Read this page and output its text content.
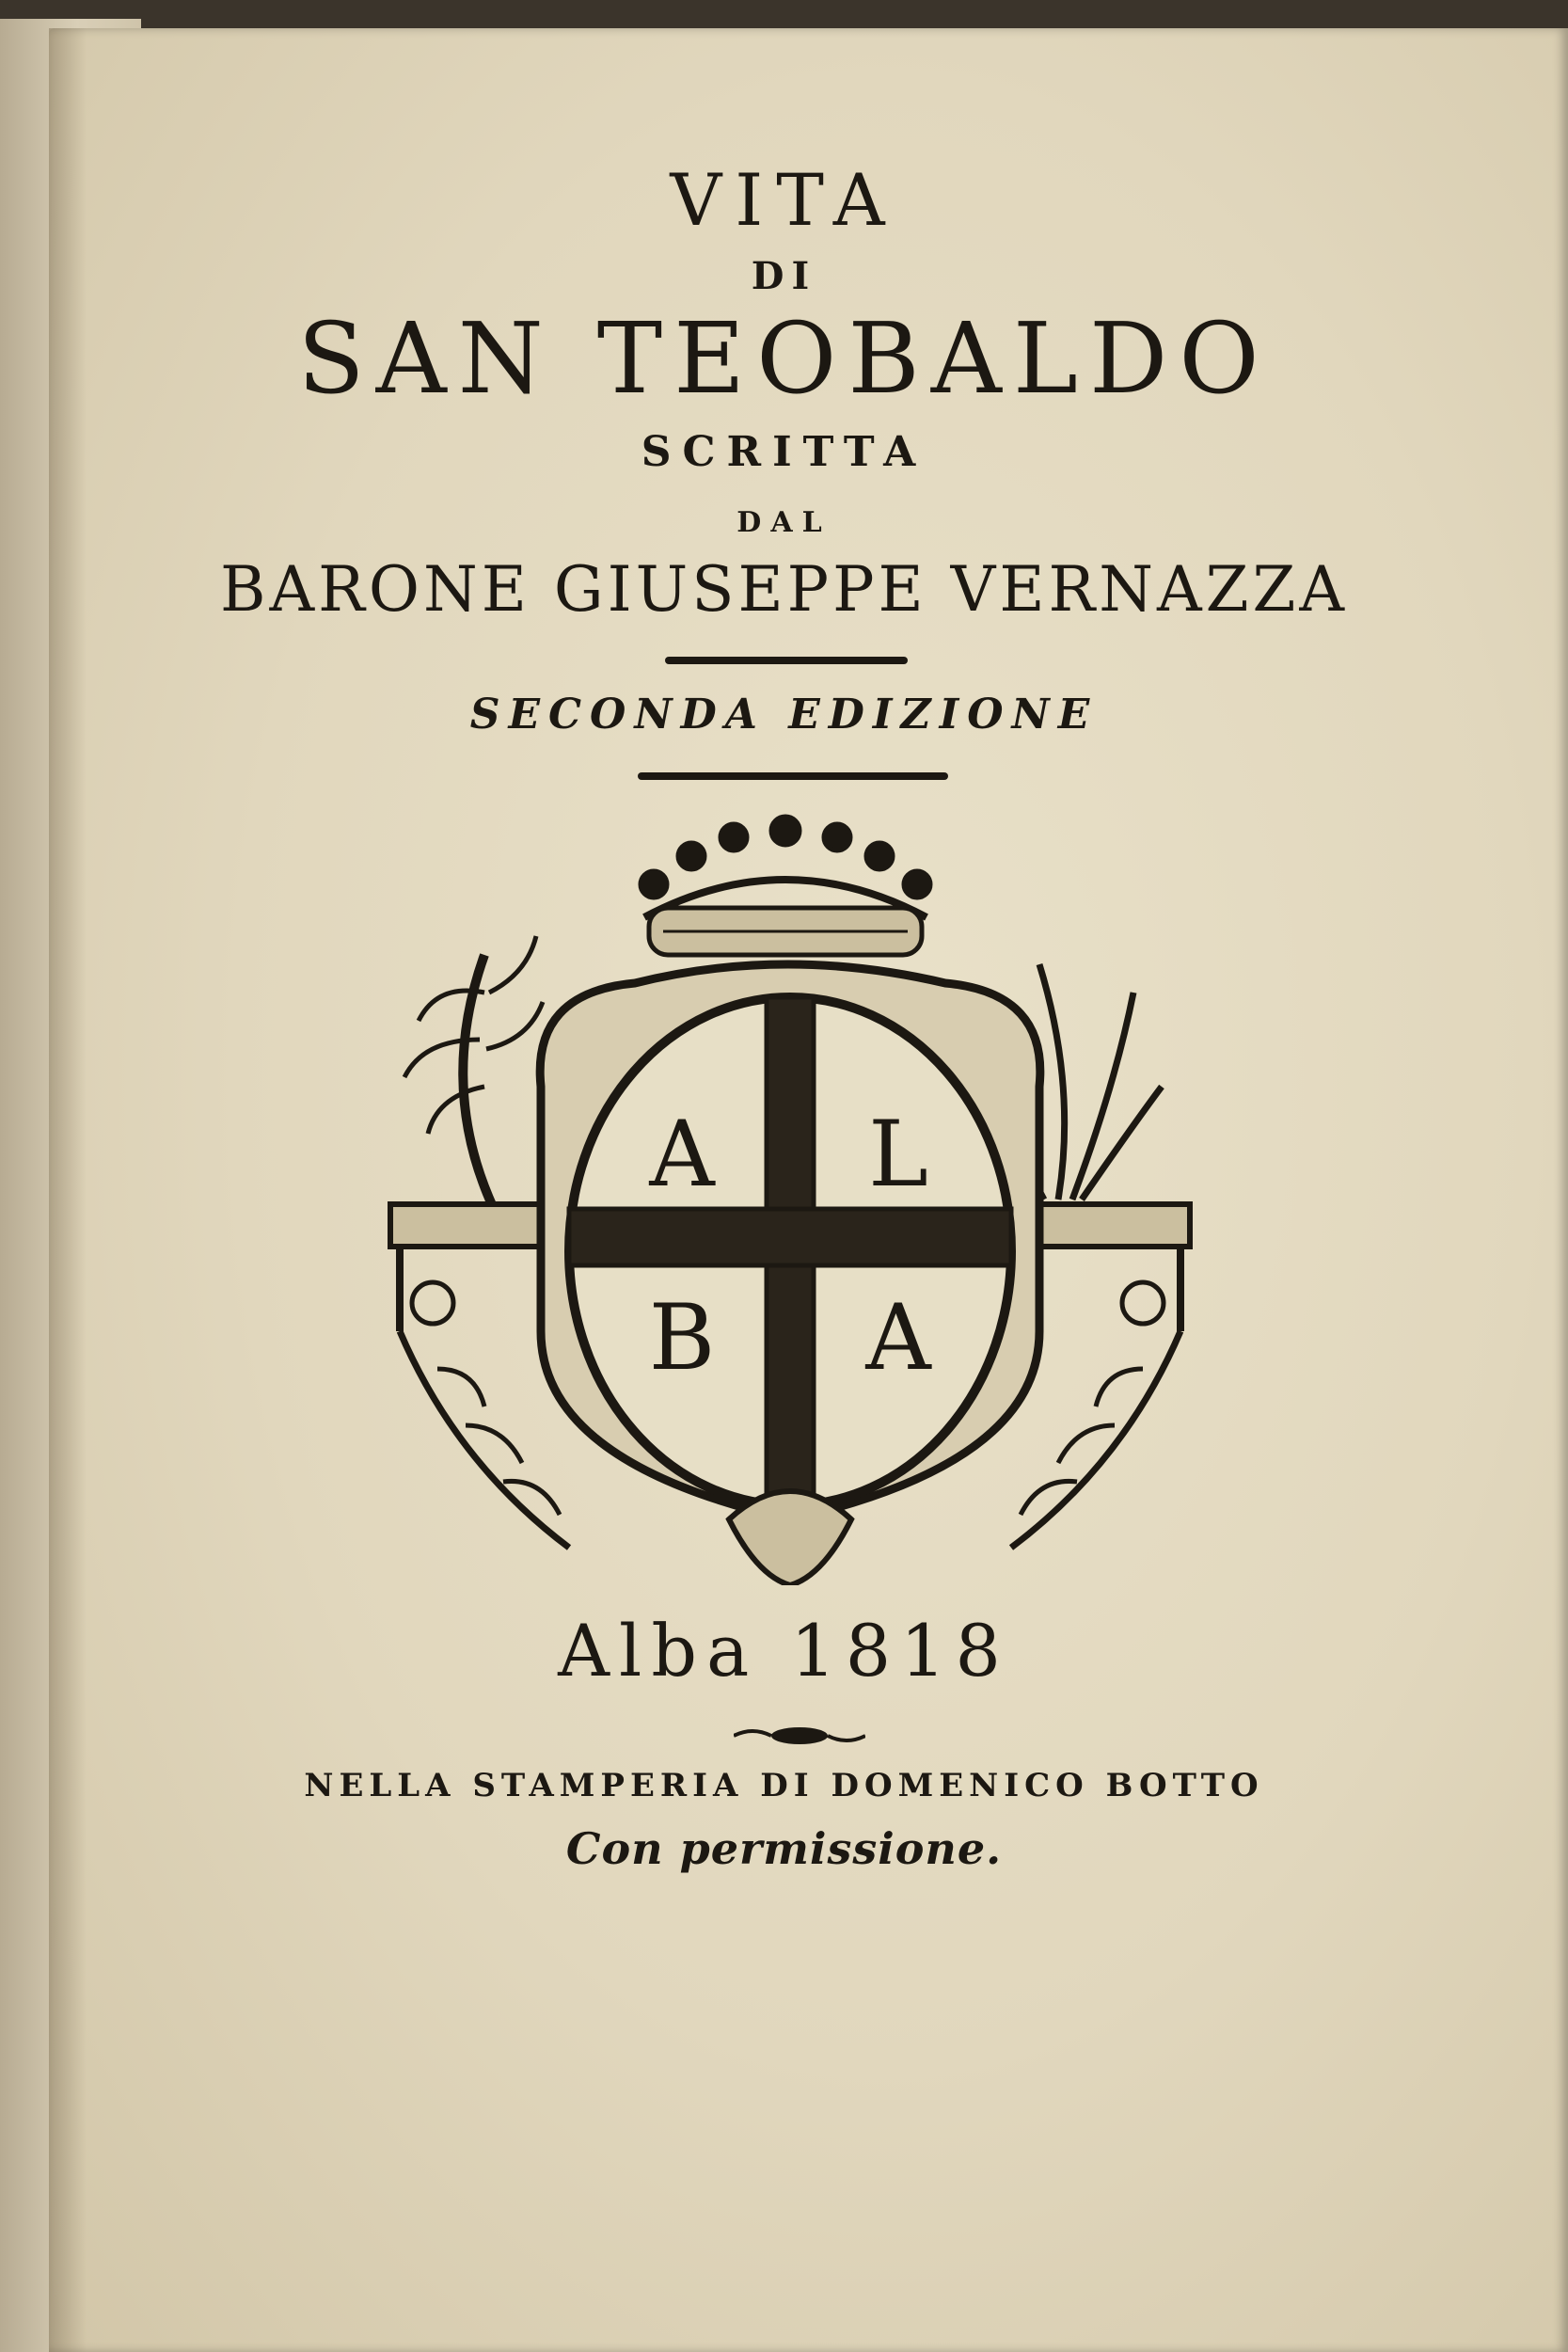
VITA

DI

SAN TEOBALDO

SCRITTA

DAL

BARONE GIUSEPPE VERNAZZA

SECONDA EDIZIONE

A L
B A

Alba 1818

NELLA STAMPERIA DI DOMENICO BOTTO

Con permissione.
